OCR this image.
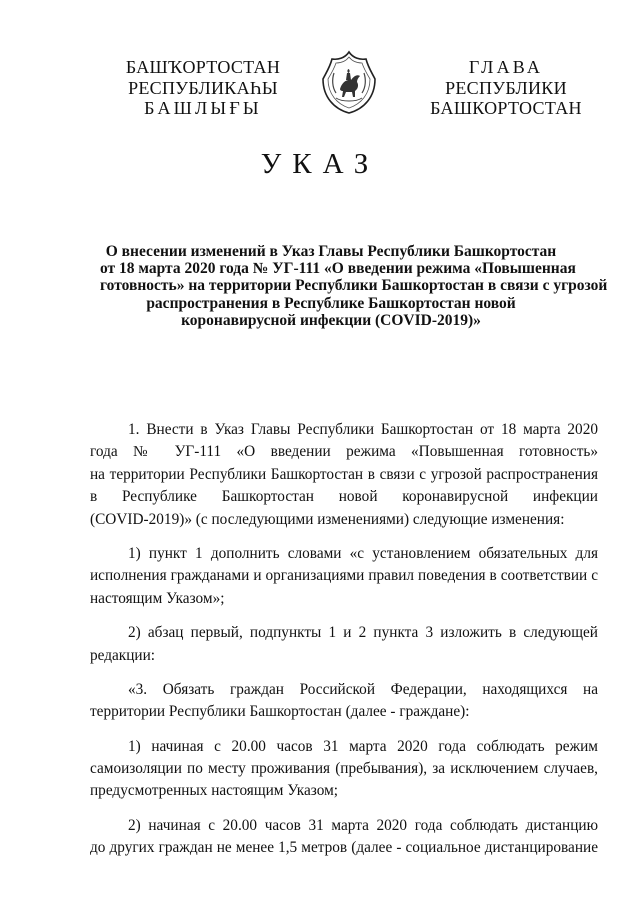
БАШҠОРТОСТАН
РЕСПУБЛИКАҺЫ
БАШЛЫҒЫ
ГЛАВА
РЕСПУБЛИКИ
БАШКОРТОСТАН
УКАЗ
О внесении изменений в Указ Главы Республики Башкортостан
от 18 марта 2020 года № УГ-111 «О введении режима «Повышенная
готовность» на территории Республики Башкортостан в связи с угрозой
распространения в Республике Башкортостан новой
коронавирусной инфекции (COVID-2019)»
1. Внести в Указ Главы Республики Башкортостан от 18 марта 2020
года № УГ-111 «О введении режима «Повышенная готовность»
на территории Республики Башкортостан в связи с угрозой распространения
в Республике Башкортостан новой коронавирусной инфекции
(COVID-2019)» (с последующими изменениями) следующие изменения:
1) пункт 1 дополнить словами «с установлением обязательных для
исполнения гражданами и организациями правил поведения в соответствии с
настоящим Указом»;
2) абзац первый, подпункты 1 и 2 пункта 3 изложить в следующей
редакции:
«3. Обязать граждан Российской Федерации, находящихся на
территории Республики Башкортостан (далее - граждане):
1) начиная с 20.00 часов 31 марта 2020 года соблюдать режим
самоизоляции по месту проживания (пребывания), за исключением случаев,
предусмотренных настоящим Указом;
2) начиная с 20.00 часов 31 марта 2020 года соблюдать дистанцию
до других граждан не менее 1,5 метров (далее - социальное дистанцирование
